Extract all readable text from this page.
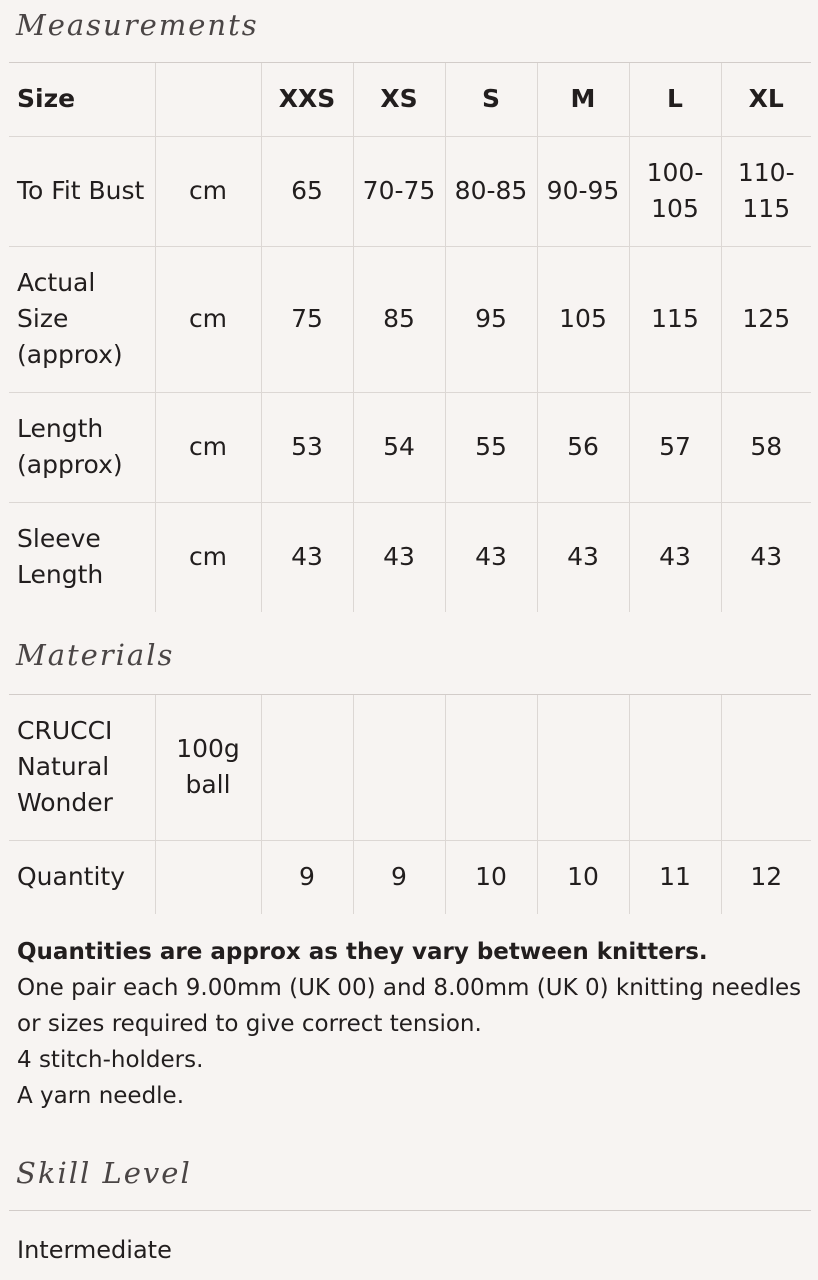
Measurements
Size		XXS	XS	S	M	L	XL
To Fit Bust	cm	65	70-75	80-85	90-95	100-105	110-115
Actual Size (approx)	cm	75	85	95	105	115	125
Length (approx)	cm	53	54	55	56	57	58
Sleeve Length	cm	43	43	43	43	43	43
Materials
CRUCCI Natural Wonder	100g ball						
Quantity		9	9	10	10	11	12

Quantities are approx as they vary between knitters.

One pair each 9.00mm (UK 00) and 8.00mm (UK 0) knitting needles or sizes required to give correct tension.

4 stitch-holders.

A yarn needle.

Skill Level
Intermediate
